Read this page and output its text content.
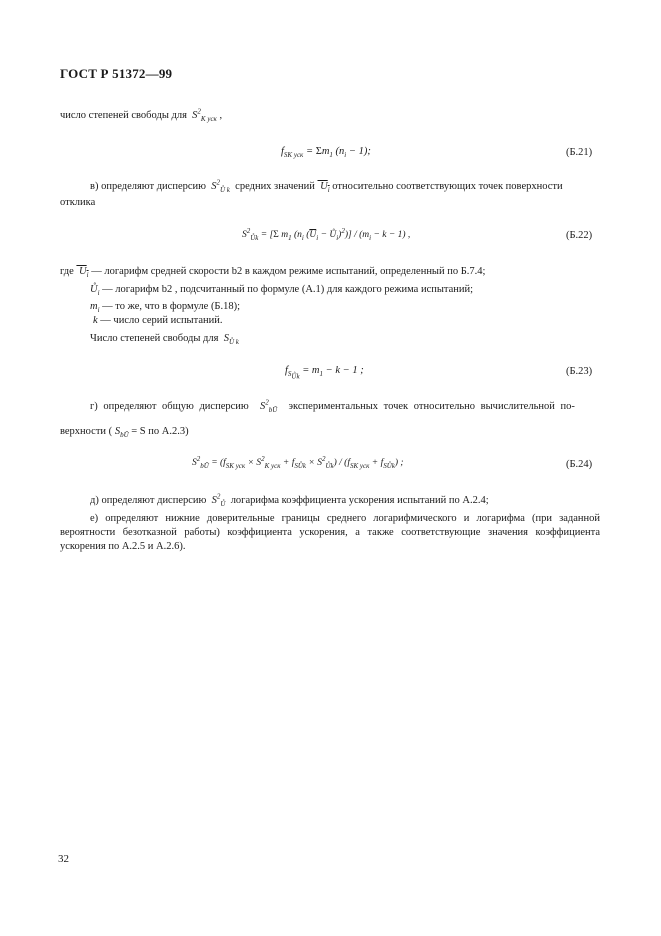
ГОСТ Р 51372—99
число степеней свободы для  $S^2_{K уск}$ ,
$f_{SK уск} = \Sigma m_1$ $(n_i - 1)$;	(Б.21)
в) определяют дисперсию  $S^2_{Ů k}$ средних значений  $U_i$ относительно соответствующих точек поверхности
отклика
$S^2_{Ůk} = [\Sigma$ $m_1$ ($n_i$ ($\overline{U}_i$ − $Ů_i)^2)] / (m_i - k - 1)$ ,	(Б.22)
где  $U_i$ — логарифм средней скорости b2 в каждом режиме испытаний, определенный по Б.7.4;
$Ů_i$ — логарифм b2 , подсчитанный по формуле (А.1) для каждого режима испытаний;
$m_i$ — то же, что в формуле (Б.18);
k — число серий испытаний.
Число степеней свободы для  $S_{Ů k}$
$f_{S_{Ůk}} = m_1 - k - 1$ ;	(Б.23)
г) определяют общую дисперсию  $S^2_{bŪ}$ экспериментальных точек относительно вычислительной по-
верхности ( $S_{bŪ} = S$ по А.2.3)
$S^2_{bŪ} = (f_{SK уск} \times S^2_{K уск} + f_{SŮk} \times S^2_{Ůk}) / (f_{SK уск} + f_{SŮk})$ ;	(Б.24)
д) определяют дисперсию  $S^2_Ů$ логарифма коэффициента ускорения испытаний по А.2.4;
е) определяют нижние доверительные границы среднего логарифмического и логарифма (при заданной вероятности безотказной работы) коэффициента ускорения, а также соответствующие значения коэффициента ускорения по А.2.5 и А.2.6).
32
